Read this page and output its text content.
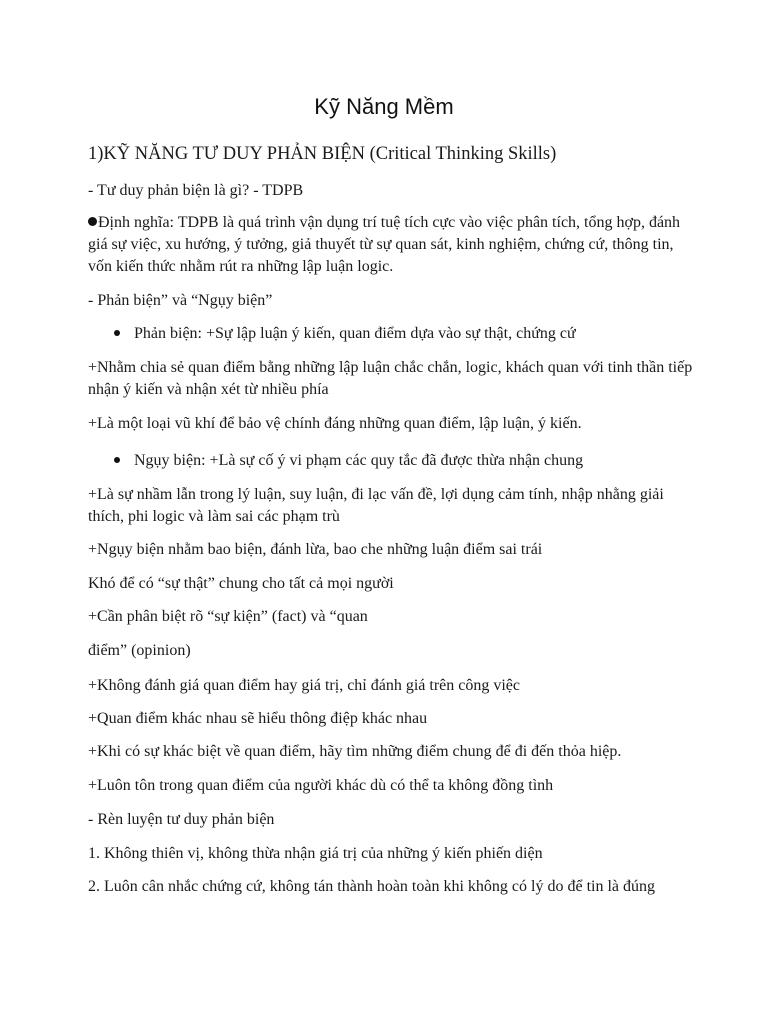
Kỹ Năng Mềm
1)KỸ NĂNG TƯ DUY PHẢN BIỆN (Critical Thinking Skills)
- Tư duy phản biện là gì? - TDPB
Định nghĩa: TDPB là quá trình vận dụng trí tuệ tích cực vào việc phân tích, tổng hợp, đánh giá sự việc, xu hướng, ý tưởng, giả thuyết từ sự quan sát, kinh nghiệm, chứng cứ, thông tin, vốn kiến thức nhằm rút ra những lập luận logic.
- Phản biện” và “Ngụy biện”
Phản biện: +Sự lập luận ý kiến, quan điểm dựa vào sự thật, chứng cứ
+Nhằm chia sẻ quan điểm bằng những lập luận chắc chắn, logic, khách quan với tinh thần tiếp nhận ý kiến và nhận xét từ nhiều phía
+Là một loại vũ khí để bảo vệ chính đáng những quan điểm, lập luận, ý kiến.
Ngụy biện: +Là sự cố ý vi phạm các quy tắc đã được thừa nhận chung
+Là sự nhầm lẫn trong lý luận, suy luận, đi lạc vấn đề, lợi dụng cảm tính, nhập nhằng giải thích, phi logic và làm sai các phạm trù
+Ngụy biện nhằm bao biện, đánh lừa, bao che những luận điểm sai trái
Khó để có “sự thật” chung cho tất cả mọi người
+Cần phân biệt rõ “sự kiện” (fact) và “quan
điểm” (opinion)
+Không đánh giá quan điểm hay giá trị, chỉ đánh giá trên công việc
+Quan điểm khác nhau sẽ hiểu thông điệp khác nhau
+Khi có sự khác biệt về quan điểm, hãy tìm những điểm chung để đi đến thỏa hiệp.
+Luôn tôn trong quan điểm của người khác dù có thể ta không đồng tình
- Rèn luyện tư duy phản biện
1. Không thiên vị, không thừa nhận giá trị của những ý kiến phiến diện
2. Luôn cân nhắc chứng cứ, không tán thành hoàn toàn khi không có lý do để tin là đúng
